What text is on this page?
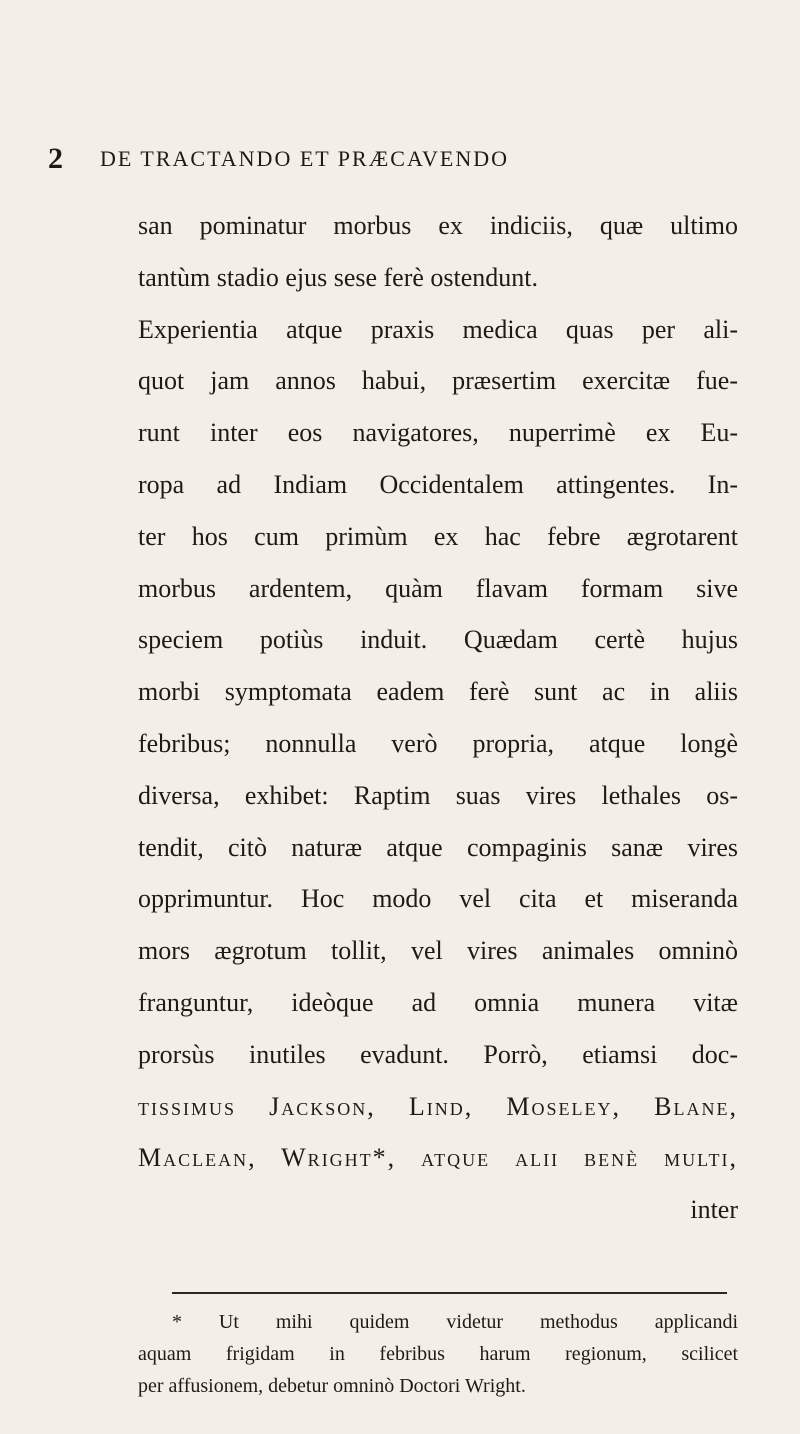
2 DE TRACTANDO ET PRÆCAVENDO
san pominatur morbus ex indiciis, quæ ultimo
tantùm stadio ejus sese ferè ostendunt.
Experientia atque praxis medica quas per ali-
quot jam annos habui, præsertim exercitæ fue-
runt inter eos navigatores, nuperrimè ex Eu-
ropa ad Indiam Occidentalem attingentes. In-
ter hos cum primùm ex hac febre ægrotarent
morbus ardentem, quàm flavam formam sive
speciem potiùs induit. Quædam certè hujus
morbi symptomata eadem ferè sunt ac in aliis
febribus; nonnulla verò propria, atque longè
diversa, exhibet: Raptim suas vires lethales os-
tendit, citò naturæ atque compaginis sanæ vires
opprimuntur. Hoc modo vel cita et miseranda
mors ægrotum tollit, vel vires animales omninò
franguntur, ideòque ad omnia munera vitæ
prorsùs inutiles evadunt. Porrò, etiamsi doc-
tissimus Jackson, Lind, Moseley, Blane,
Maclean, Wright*, atque alii benè multi,
inter
* Ut mihi quidem videtur methodus applicandi
aquam frigidam in febribus harum regionum, scilicet
per affusionem, debetur omninò Doctori Wright.
